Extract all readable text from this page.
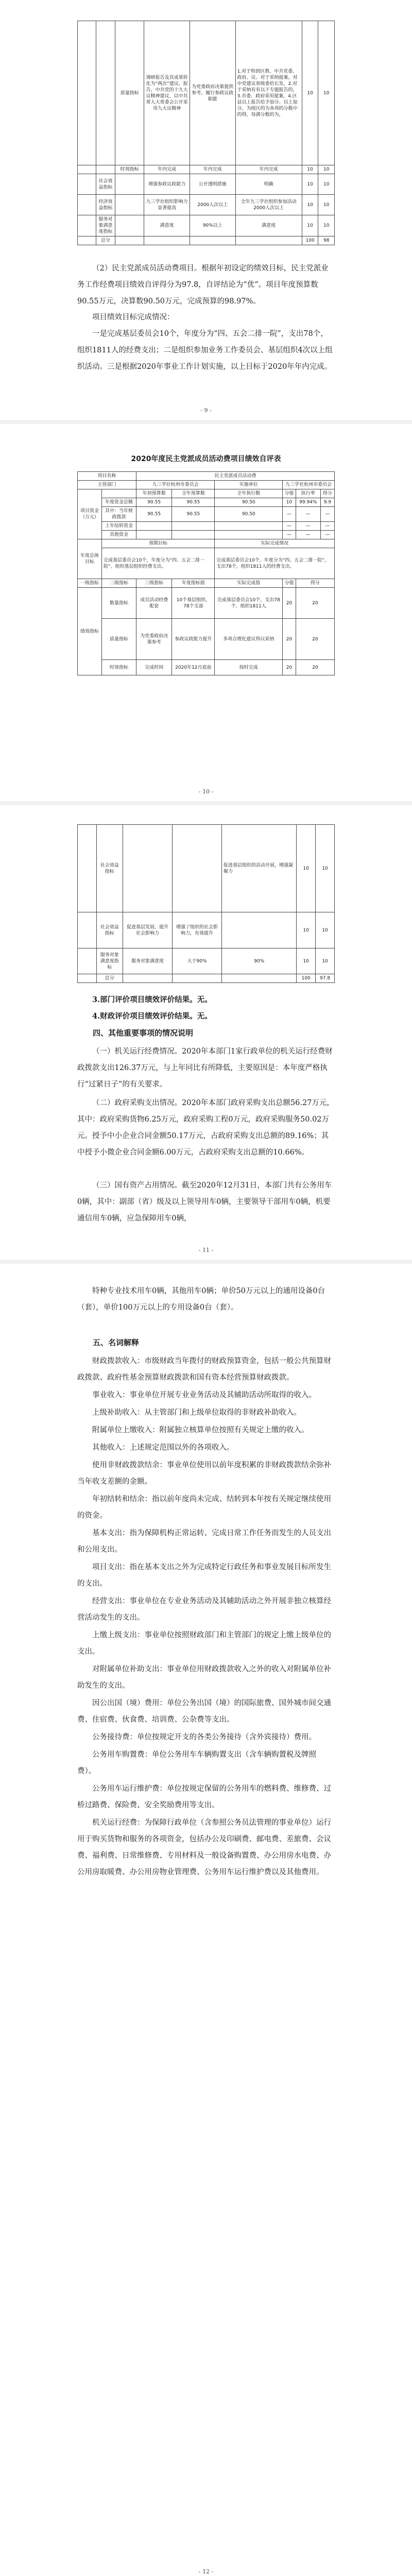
		质量指标	调研报告及其成果转化为“两次”建议，报告，中共党的十九大议精神建议，以中共常人大常委会公开采用九大议精神	为党委政府决策提供参考，履行参政议政职能	1.对于特到区教、中共党委、政府、议、对于采纳提案，对中党建议省级委给长发，2.对于采纳有有以下专题报告的，3.市委、政府采用提案，4.区县以上报告给予加分。以上加分，为统区的为各项的分数中的得，每满分数的为，	10	10
		时效指标	年内完成	年内完成	年内完成	10	10
	社会效益指标		增强参政议政能力	公开透明措施	明确	10	10
	经济效益指标		九三学社组织影响力显著提高	2000人次以上	全年九三学社组织参加活动2000人次以上	10	10
	服务对象满意度指标		满意度	90%以上	满意度	10	10
	总分					100	98
（2）民主党派成员活动费项目。根据年初设定的绩效目标，民主党派业务工作经费项目绩效自评得分为97.8，自评结论为“优”。项目年度预算数90.55万元，决算数90.50万元，完成预算的98.97%。
项目绩效目标完成情况：
一是完成基层委员会10个，年度分为“四、五会二排一院”，支出78个，组织1811人的经费支出；二是组织参加业务工作委员会、基层组织4次以上组织活动。三是根据2020年事业工作计划实施，以上目标于2020年年内完成。
- 9 -
2020年度民主党派成员活动费项目绩效自评表
项目名称		民主党派成员活动费					
主管部门		九三学社杭州市委员会		实施单位	九三学社杭州市委员会		
项目资金（万元）		年初预算数	全年预算数	全年执行数	分值	执行率	得分
	年度资金总额	90.55	90.55	90.50	10	99.94%	9.9
	其中：当年财政拨款	90.55	90.55	90.50	—	—	—
	上年结转资金				—	—	—
	其他资金				—	—	—
年度总体目标	预期目标			实际完成情况			
	完成基层委员会10个，年度分为“四、五会二排一院”。组织基层组织经费支出。			完成基层委员会10个，年度分为“四、五会二排一院”，支出78个，组织1811人的经费支出。			
一级指标	二级指标	三级指标	年度指标值	实际完成值	分值	得分	
绩效指标	数量指标	成员活动经费配套	10个基层组织，78个支部	完成基层委员会10个，支出78个，组织1811人	20	20	
	质量指标	为党委政府决策参考	参政议政能力提升	多项合理化建议得以采纳	20	20	
	时效指标	完成时间	2020年12月底前	按时完成	20	20	
- 10 -
	社会效益指标			促进基层组织的活动开展，增强凝聚力	10	10
	社会效益指标	促进基层发展，提升社会影响力	增强了组织的社会影响力，有效提升		10	10
	服务对象满意度指标	服务对象满意度	大于90%	90%	10	10
	总分				100	97.8
3.部门评价项目绩效评价结果。无。
4.财政评价项目绩效评价结果。无。
四、其他重要事项的情况说明
（一）机关运行经费情况。2020年本部门1家行政单位的机关运行经费财政拨款支出126.37万元，与上年同比有所降低，主要原因是：本年度严格执行“过紧日子”的有关要求。
（二）政府采购支出情况。2020年本部门政府采购支出总额56.27万元，其中：政府采购货物6.25万元，政府采购工程0万元，政府采购服务50.02万元。授予中小企业合同金额50.17万元，占政府采购支出总额的89.16%；其中授予小微企业合同金额6.00万元，占政府采购支出总额的10.66%。
（三）国有资产占用情况。截至2020年12月31日，本部门共有公务用车0辆，其中：副部（省）级及以上领导用车0辆，主要领导干部用车0辆，机要通信用车0辆，应急保障用车0辆，
- 11 -
特种专业技术用车0辆，其他用车0辆；单价50万元以上的通用设备0台（套），单价100万元以上的专用设备0台（套）。
五、名词解释

财政拨款收入：市级财政当年拨付的财政预算资金，包括一般公共预算财政拨款、政府性基金预算财政拨款和国有资本经营预算财政拨款。

事业收入：事业单位开展专业业务活动及其辅助活动所取得的收入。

上级补助收入：从主管部门和上级单位取得的非财政补助收入。

附属单位上缴收入：附属独立核算单位按照有关规定上缴的收入。

其他收入：上述规定范围以外的各项收入。

使用非财政拨款结余：事业单位使用以前年度积累的非财政拨款结余弥补当年收支差额的金额。

年初结转和结余：指以前年度尚未完成、结转到本年按有关规定继续使用的资金。

基本支出：指为保障机构正常运转、完成日常工作任务而发生的人员支出和公用支出。

项目支出：指在基本支出之外为完成特定行政任务和事业发展目标所发生的支出。

经营支出：事业单位在专业业务活动及其辅助活动之外开展非独立核算经营活动发生的支出。

上缴上级支出：事业单位按照财政部门和主管部门的规定上缴上级单位的支出。

对附属单位补助支出：事业单位用财政拨款收入之外的收入对附属单位补助发生的支出。

因公出国（境）费用：单位公务出国（境）的国际旅费、国外城市间交通费、住宿费、伙食费、培训费、公杂费等支出。

公务接待费：单位按规定开支的各类公务接待（含外宾接待）费用。

公务用车购置费：单位公务用车车辆购置支出（含车辆购置税及牌照费）。

公务用车运行维护费：单位按规定保留的公务用车的燃料费、维修费、过桥过路费、保险费、安全奖励费用等支出。

机关运行经费：为保障行政单位（含参照公务员法管理的事业单位）运行用于购买货物和服务的各项资金，包括办公及印刷费、邮电费、差旅费、会议费、福利费、日常维修费、专用材料及一般设备购置费、办公用房水电费、办公用房取暖费、办公用房物业管理费、公务用车运行维护费以及其他费用。

- 12 -
